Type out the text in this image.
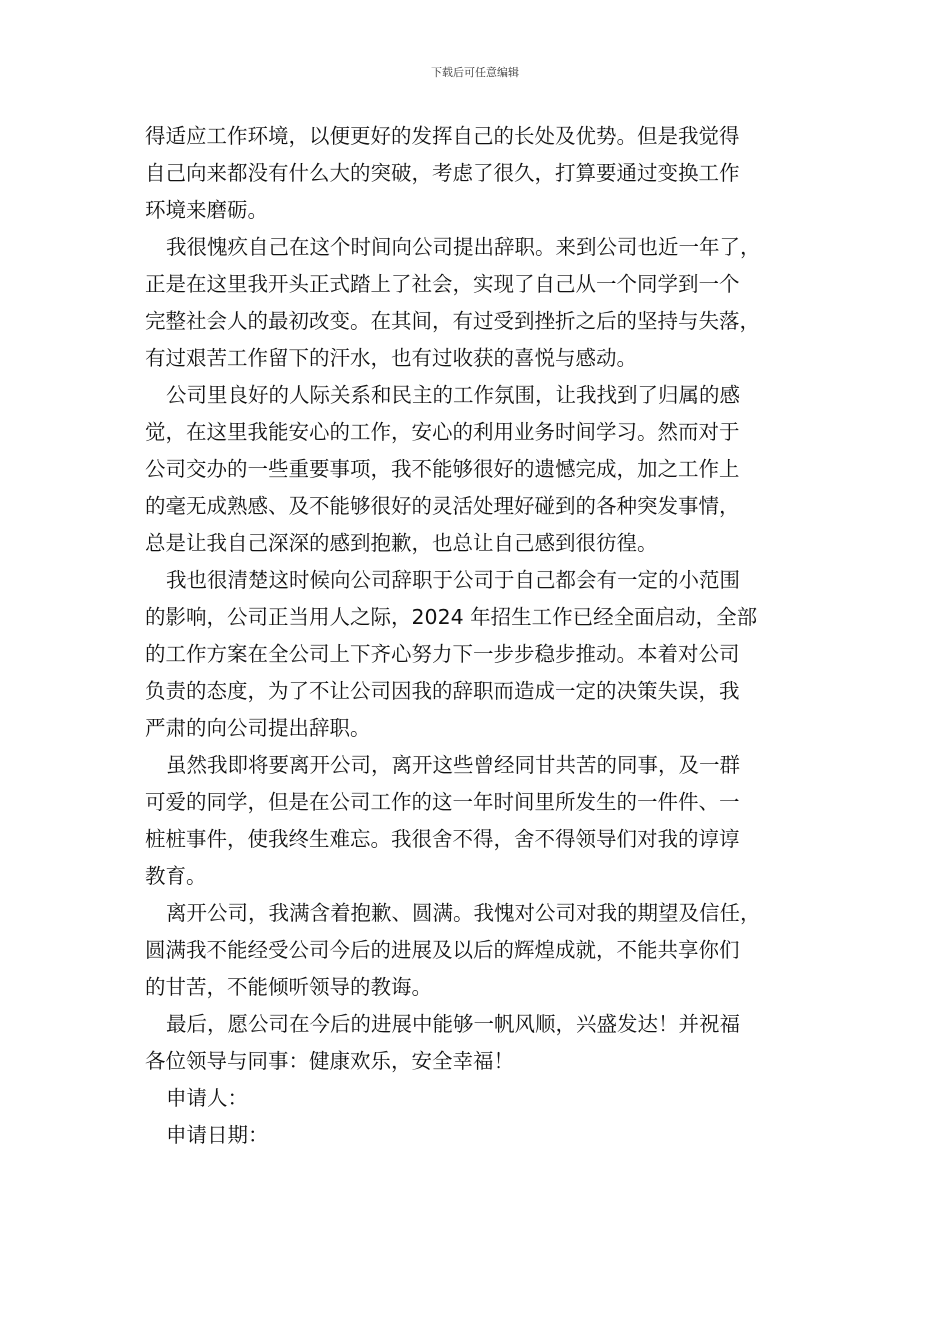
下载后可任意编辑
得适应工作环境，以便更好的发挥自己的长处及优势。但是我觉得
自己向来都没有什么大的突破，考虑了很久，打算要通过变换工作
环境来磨砺。
我很愧疚自己在这个时间向公司提出辞职。来到公司也近一年了，
正是在这里我开头正式踏上了社会，实现了自己从一个同学到一个
完整社会人的最初改变。在其间，有过受到挫折之后的坚持与失落，
有过艰苦工作留下的汗水，也有过收获的喜悦与感动。
公司里良好的人际关系和民主的工作氛围，让我找到了归属的感
觉，在这里我能安心的工作，安心的利用业务时间学习。然而对于
公司交办的一些重要事项，我不能够很好的遗憾完成，加之工作上
的毫无成熟感、及不能够很好的灵活处理好碰到的各种突发事情，
总是让我自己深深的感到抱歉，也总让自己感到很彷徨。
我也很清楚这时候向公司辞职于公司于自己都会有一定的小范围
的影响，公司正当用人之际，2024 年招生工作已经全面启动，全部
的工作方案在全公司上下齐心努力下一步步稳步推动。本着对公司
负责的态度，为了不让公司因我的辞职而造成一定的决策失误，我
严肃的向公司提出辞职。
虽然我即将要离开公司，离开这些曾经同甘共苦的同事，及一群
可爱的同学，但是在公司工作的这一年时间里所发生的一件件、一
桩桩事件，使我终生难忘。我很舍不得，舍不得领导们对我的谆谆
教育。
离开公司，我满含着抱歉、圆满。我愧对公司对我的期望及信任，
圆满我不能经受公司今后的进展及以后的辉煌成就，不能共享你们
的甘苦，不能倾听领导的教诲。
最后，愿公司在今后的进展中能够一帆风顺，兴盛发达！并祝福
各位领导与同事：健康欢乐，安全幸福！
申请人：
申请日期：
